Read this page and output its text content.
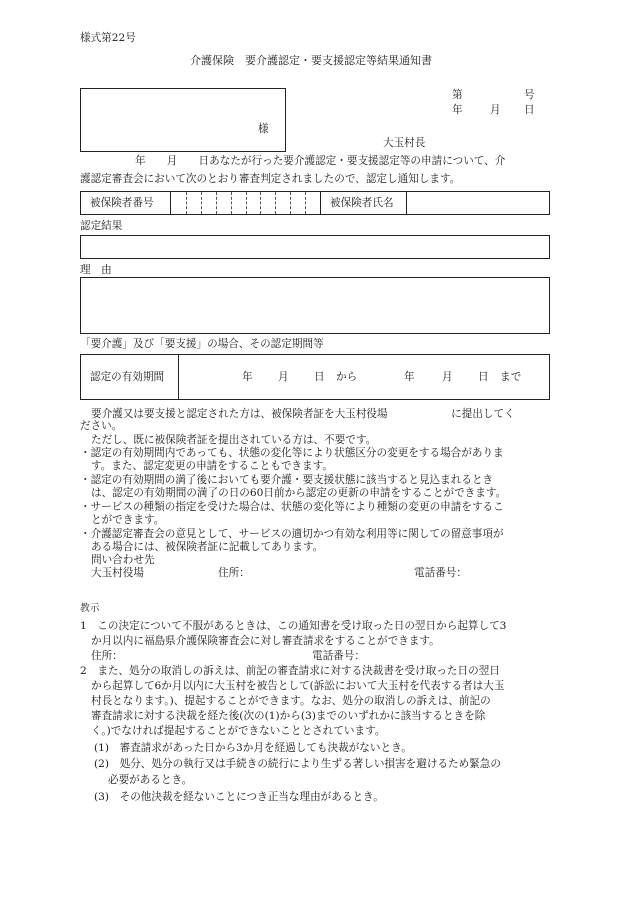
様式第22号
介護保険　要介護認定・要支援認定等結果通知書
様
第	号
年	月 日
大玉村長
年　　月　　日あなたが行った要介護認定・要支援認定等の申請について、介
護認定審査会において次のとおり審査判定されましたので、認定し通知します。
被保険者番号	被保険者氏名
認定結果
理　由
「要介護」及び「要支援」の場合、その認定期間等
認定の有効期間	年 月 日 から	年	月 日 まで
要介護又は要支援と認定された方は、被保険者証を大玉村役場　　　　　　に提出してく
ださい。
ただし、既に被保険者証を提出されている方は、不要です。
・認定の有効期間内であっても、状態の変化等により状態区分の変更をする場合がありま
す。また、認定変更の申請をすることもできます。
・認定の有効期間の満了後においても要介護・要支援状態に該当すると見込まれるとき
は、認定の有効期間の満了の日の60日前から認定の更新の申請をすることができます。
・サービスの種類の指定を受けた場合は、状態の変化等により種類の変更の申請をするこ
とができます。
・介護認定審査会の意見として、サービスの適切かつ有効な利用等に関しての留意事項が
ある場合には、被保険者証に記載してあります。
問い合わせ先
大玉村役場	住所：	電話番号：
教示
1　この決定について不服があるときは、この通知書を受け取った日の翌日から起算して3
か月以内に福島県介護保険審査会に対し審査請求をすることができます。
住所：	電話番号：
2　また、処分の取消しの訴えは、前記の審査請求に対する決裁書を受け取った日の翌日
から起算して6か月以内に大玉村を被告として(訴訟において大玉村を代表する者は大玉
村長となります。)、提起することができます。なお、処分の取消しの訴えは、前記の
審査請求に対する決裁を経た後(次の(1)から(3)までのいずれかに該当するときを除
く。)でなければ提起することができないこととされています。
(1)　審査請求があった日から3か月を経過しても決裁がないとき。
(2)　処分、処分の執行又は手続きの続行により生ずる著しい損害を避けるため緊急の
必要があるとき。
(3)　その他決裁を経ないことにつき正当な理由があるとき。
